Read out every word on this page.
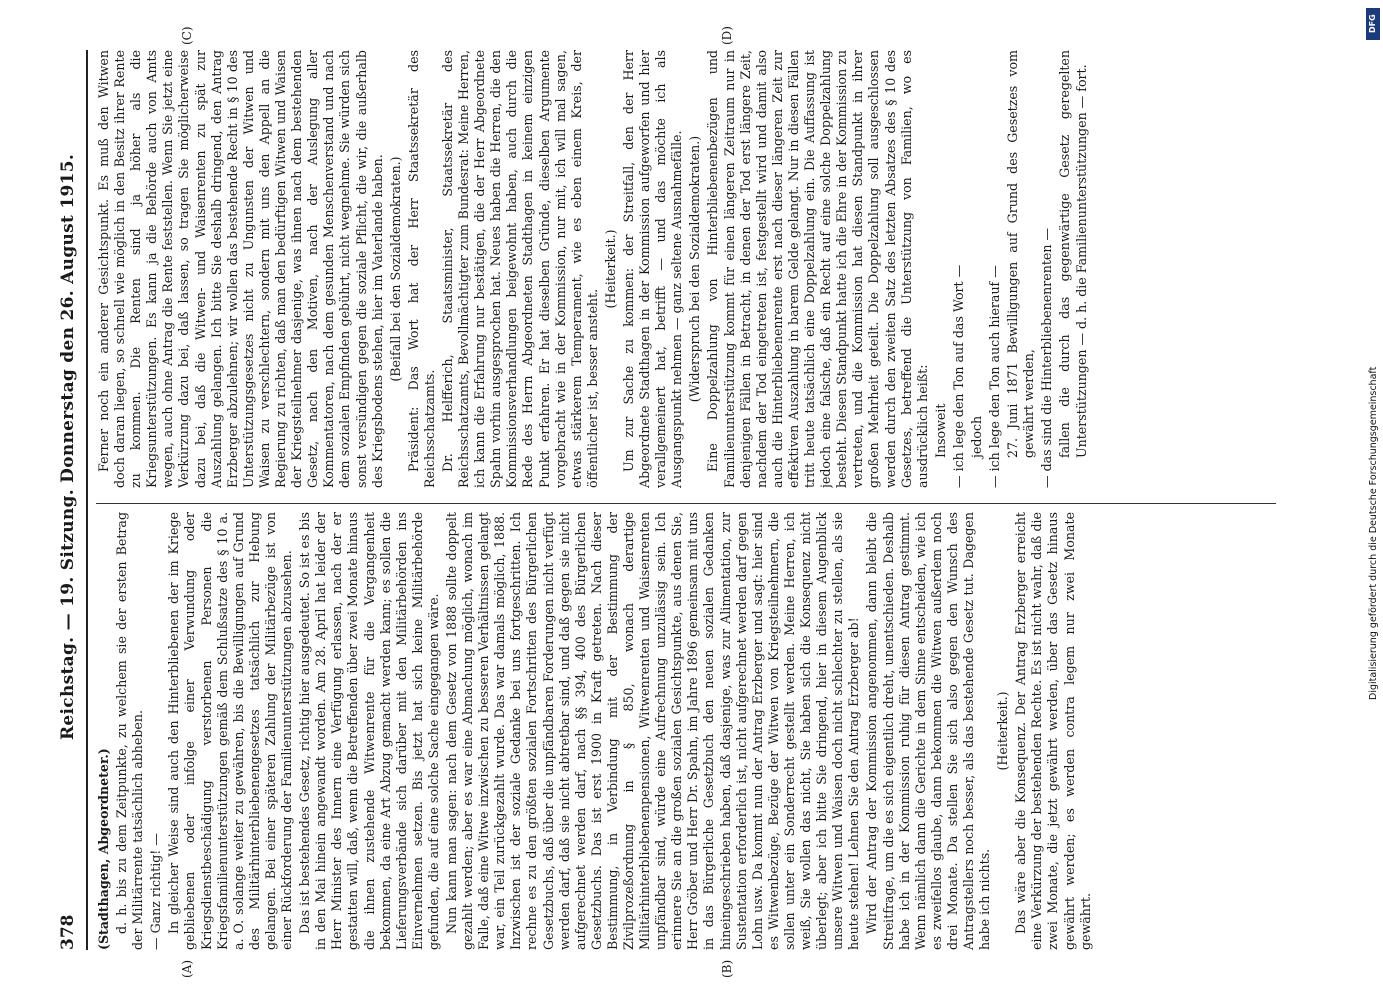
378
Reichstag. — 19. Sitzung. Donnerstag den 26. August 1915.
(A)	(B)
(C)	(D)

(Stadthagen, Abgeordneter.) d. h. bis zu dem Zeitpunkte, zu welchem sie der ersten Betrag der Militärrente tatsächlich abheben. — Ganz richtig! — In gleicher Weise sind auch den Hinterbliebenen der im Kriege gebliebenen oder infolge einer Verwundung oder Kriegsdienstbeschädigung verstorbenen Personen die Kriegsfamilienunterstützungen gemäß dem Schlußsatze des § 10 a. a. O. solange weiter zu gewähren, bis die Bewilligungen auf Grund des Militärhinterbliebenengesetzes tatsächlich zur Hebung gelangen. Bei einer späteren Zahlung der Militärbezüge ist von einer Rückforderung der Familienunterstützungen abzusehen. Das ist bestehendes Gesetz, richtig hier ausgedeutet. So ist es bis in den Mai hinein angewandt worden. Am 28. April hat leider der Herr Minister des Innern eine Verfügung erlassen, nach der er gestatten will, daß, wenn die Betreffenden über zwei Monate hinaus die ihnen zustehende Witwenrente für die Vergangenheit bekommen, da eine Art Abzug gemacht werden kann; es sollen die Lieferungsverbände sich darüber mit den Militärbehörden ins Einvernehmen setzen. Bis jetzt hat sich keine Militärbehörde gefunden, die auf eine solche Sache eingegangen wäre. Nun kann man sagen: nach dem Gesetz von 1888 sollte doppelt gezahlt werden; aber es war eine Abmachung möglich, wonach im Falle, daß eine Witwe inzwischen zu besseren Verhältnissen gelangt war, ein Teil zurückgezahlt wurde. Das war damals möglich, 1888. Inzwischen ist der soziale Gedanke bei uns fortgeschritten. Ich rechne es zu den größten sozialen Fortschritten des Bürgerlichen Gesetzbuchs, daß über die unpfändbaren Forderungen nicht verfügt werden darf, daß sie nicht abtretbar sind, und daß gegen sie nicht aufgerechnet werden darf, nach §§ 394, 400 des Bürgerlichen Gesetzbuchs. Das ist erst 1900 in Kraft getreten. Nach dieser Bestimmung, in Verbindung mit der Bestimmung der Zivilprozeßordnung in § 850, wonach derartige Militärhinterbliebenenpensionen, Witwenrenten und Waisenrenten unpfändbar sind, würde eine Aufrechnung unzulässig sein. Ich erinnere Sie an die großen sozialen Gesichtspunkte, aus denen Sie, Herr Gröber und Herr Dr. Spahn, im Jahre 1896 gemeinsam mit uns in das Bürgerliche Gesetzbuch den neuen sozialen Gedanken hineingeschrieben haben, daß dasjenige, was zur Alimentation, zur Sustentation erforderlich ist, nicht aufgerechnet werden darf gegen Lohn usw. Da kommt nun der Antrag Erzberger und sagt: hier sind es Witwenbezüge, Bezüge der Witwen von Kriegsteilnehmern, die sollen unter ein Sonderrecht gestellt werden. Meine Herren, ich weiß, Sie wollen das nicht, Sie haben sich die Konsequenz nicht überlegt; aber ich bitte Sie dringend, hier in diesem Augenblick unsere Witwen und Waisen doch nicht schlechter zu stellen, als sie heute stehen! Lehnen Sie den Antrag Erzberger ab! Wird der Antrag der Kommission angenommen, dann bleibt die Streitfrage, um die es sich eigentlich dreht, unentschieden. Deshalb habe ich in der Kommission ruhig für diesen Antrag gestimmt. Wenn nämlich dann die Gerichte in dem Sinne entscheiden, wie ich es zweifellos glaube, dann bekommen die Witwen außerdem noch drei Monate. Da stellen Sie sich also gegen den Wunsch des Antragstellers noch besser, als das bestehende Gesetz tut. Dagegen habe ich nichts.

(Heiterkeit.) Das wäre aber die Konsequenz. Der Antrag Erzberger erreicht eine Verkürzung der bestehenden Rechte. Es ist nicht wahr, daß die zwei Monate, die jetzt gewährt werden, über das Gesetz hinaus gewährt werden; es werden contra legem nur zwei Monate gewährt.

Ferner noch ein anderer Gesichtspunkt. Es muß den Witwen doch daran liegen, so schnell wie möglich in den Besitz ihrer Rente zu kommen. Die Renten sind ja höher als die Kriegsunterstützungen. Es kann ja die Behörde auch von Amts wegen, auch ohne Antrag die Rente feststellen. Wenn Sie jetzt eine Verkürzung dazu bei, daß lassen, so tragen Sie möglicherweise dazu bei, daß die Witwen- und Waisenrenten zu spät zur Auszahlung gelangen. Ich bitte Sie deshalb dringend, den Antrag Erzberger abzulehnen; wir wollen das bestehende Recht in § 10 des Unterstützungsgesetzes nicht zu Ungunsten der Witwen und Waisen zu verschlechtern, sondern mit uns den Appell an die Regierung zu richten, daß man den bedürftigen Witwen und Waisen der Kriegsteilnehmer dasjenige, was ihnen nach dem bestehenden Gesetz, nach den Motiven, nach der Auslegung aller Kommentatoren, nach dem gesunden Menschenverstand und nach dem sozialen Empfinden gebührt, nicht wegnehme. Sie würden sich sonst versündigen gegen die soziale Pflicht, die wir, die außerhalb des Kriegsbodens stehen, hier im Vaterlande haben. (Beifall bei den Sozialdemokraten.) Präsident: Das Wort hat der Herr Staatssekretär des Reichsschatzamts. Dr. Helfferich, Staatsminister, Staatssekretär des Reichsschatzamts, Bevollmächtigter zum Bundesrat: Meine Herren, ich kann die Erfahrung nur bestätigen, die der Herr Abgeordnete Spahn vorhin ausgesprochen hat. Neues haben die Herren, die den Kommissionsverhandlungen beigewohnt haben, auch durch die Rede des Herrn Abgeordneten Stadthagen in keinem einzigen Punkt erfahren. Er hat dieselben Gründe, dieselben Argumente vorgebracht wie in der Kommission, nur mit, ich will mal sagen, etwas stärkerem Temperament, wie es eben einem Kreis, der öffentlicher ist, besser ansteht.

(Heiterkeit.) Um zur Sache zu kommen: der Streitfall, den der Herr Abgeordnete Stadthagen in der Kommission aufgeworfen und hier verallgemeinert hat, betrifft — und das möchte ich als Ausgangspunkt nehmen — ganz seltene Ausnahmefälle. (Widerspruch bei den Sozialdemokraten.) Eine Doppelzahlung von Hinterbliebenenbezügen und Familienunterstützung kommt für einen längeren Zeitraum nur in denjenigen Fällen in Betracht, in denen der Tod erst längere Zeit, nachdem der Tod eingetreten ist, festgestellt wird und damit also auch die Hinterbliebenenrente erst nach dieser längeren Zeit zur effektiven Auszahlung in barem Gelde gelangt. Nur in diesen Fällen tritt heute tatsächlich eine Doppelzahlung ein. Die Auffassung ist jedoch eine falsche, daß ein Recht auf eine solche Doppelzahlung besteht. Diesen Standpunkt hatte ich die Ehre in der Kommission zu vertreten, und die Kommission hat diesen Standpunkt in ihrer großen Mehrheit geteilt. Die Doppelzahlung soll ausgeschlossen werden durch den zweiten Satz des letzten Absatzes des § 10 des Gesetzes, betreffend die Unterstützung von Familien, wo es ausdrücklich heißt: Insoweit — ich lege den Ton auf das Wort — jedoch — ich lege den Ton auch hierauf — 27. Juni 1871 Bewilligungen auf Grund des Gesetzes vom gewährt werden, — das sind die Hinterbliebenenrenten — fallen die durch das gegenwärtige Gesetz geregelten Unterstützungen — d. h. die Familienunterstützungen — fort.

DFG
Digitalisierung gefördert durch die Deutsche Forschungsgemeinschaft
